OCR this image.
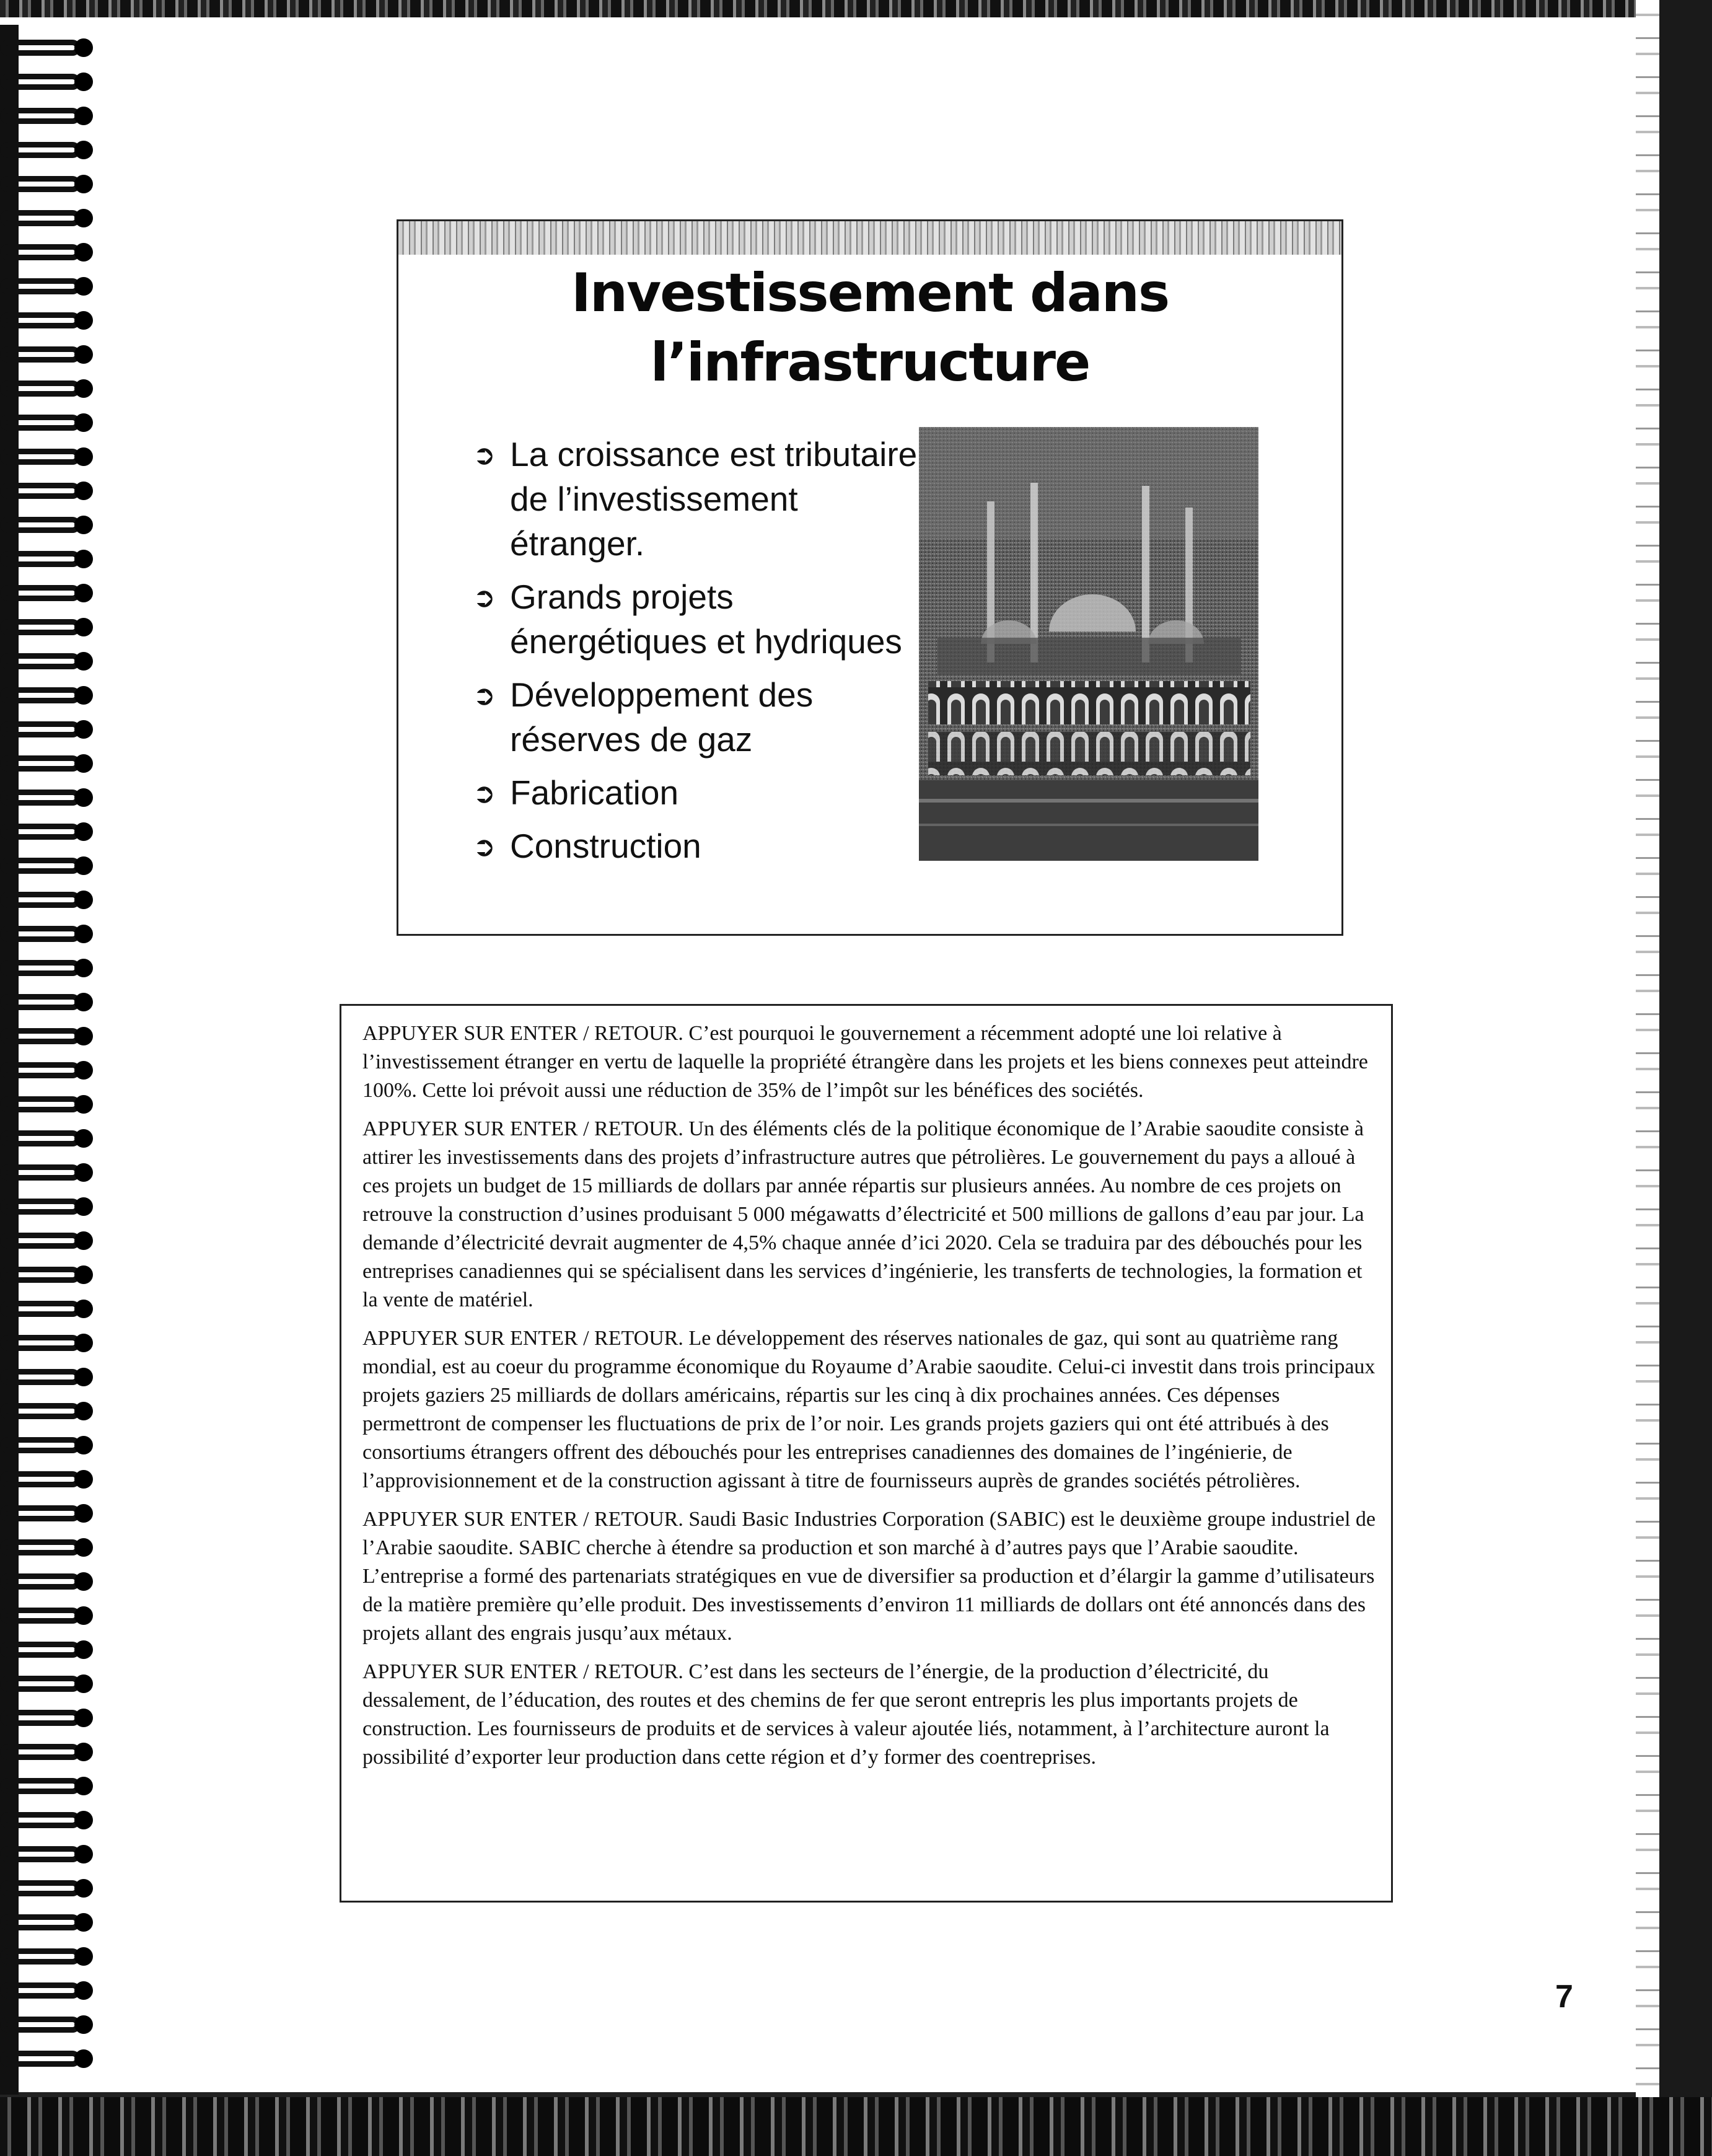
Investissement dans
l’infrastructure
➲ La croissance est tributaire de l’investissement étranger.
➲ Grands projets énergétiques et hydriques
➲ Développement des réserves de gaz
➲ Fabrication
➲ Construction

APPUYER SUR ENTER / RETOUR. C’est pourquoi le gouvernement a récemment adopté une loi relative à l’investissement étranger en vertu de laquelle la propriété étrangère dans les projets et les biens connexes peut atteindre 100%. Cette loi prévoit aussi une réduction de 35% de l’impôt sur les bénéfices des sociétés.

APPUYER SUR ENTER / RETOUR. Un des éléments clés de la politique économique de l’Arabie saoudite consiste à attirer les investissements dans des projets d’infrastructure autres que pétrolières. Le gouvernement du pays a alloué à ces projets un budget de 15 milliards de dollars par année répartis sur plusieurs années. Au nombre de ces projets on retrouve la construction d’usines produisant 5 000 mégawatts d’électricité et 500 millions de gallons d’eau par jour. La demande d’électricité devrait augmenter de 4,5% chaque année d’ici 2020. Cela se traduira par des débouchés pour les entreprises canadiennes qui se spécialisent dans les services d’ingénierie, les transferts de technologies, la formation et la vente de matériel.

APPUYER SUR ENTER / RETOUR. Le développement des réserves nationales de gaz, qui sont au quatrième rang mondial, est au coeur du programme économique du Royaume d’Arabie saoudite. Celui-ci investit dans trois principaux projets gaziers 25 milliards de dollars américains, répartis sur les cinq à dix prochaines années. Ces dépenses permettront de compenser les fluctuations de prix de l’or noir. Les grands projets gaziers qui ont été attribués à des consortiums étrangers offrent des débouchés pour les entreprises canadiennes des domaines de l’ingénierie, de l’approvisionnement et de la construction agissant à titre de fournisseurs auprès de grandes sociétés pétrolières.

APPUYER SUR ENTER / RETOUR. Saudi Basic Industries Corporation (SABIC) est le deuxième groupe industriel de l’Arabie saoudite. SABIC cherche à étendre sa production et son marché à d’autres pays que l’Arabie saoudite. L’entreprise a formé des partenariats stratégiques en vue de diversifier sa production et d’élargir la gamme d’utilisateurs de la matière première qu’elle produit. Des investissements d’environ 11 milliards de dollars ont été annoncés dans des projets allant des engrais jusqu’aux métaux.

APPUYER SUR ENTER / RETOUR. C’est dans les secteurs de l’énergie, de la production d’électricité, du dessalement, de l’éducation, des routes et des chemins de fer que seront entrepris les plus importants projets de construction. Les fournisseurs de produits et de services à valeur ajoutée liés, notamment, à l’architecture auront la possibilité d’exporter leur production dans cette région et d’y former des coentreprises.

7
